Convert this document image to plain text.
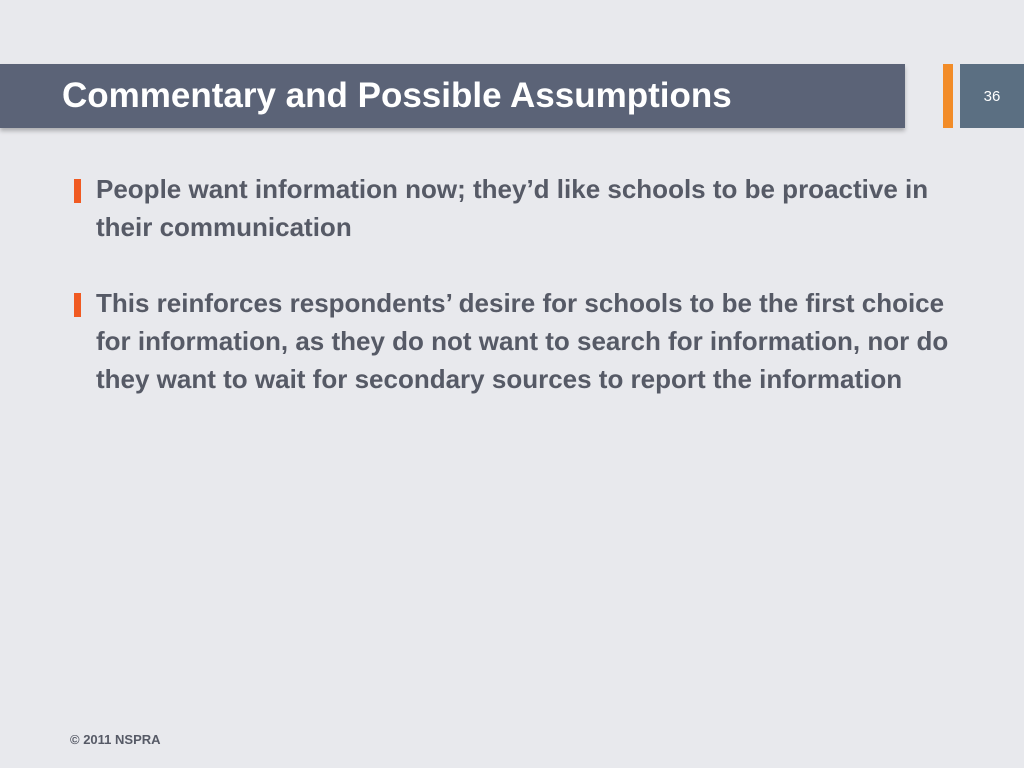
Commentary and Possible Assumptions	36
People want information now; they’d like schools to be proactive in their communication
This reinforces respondents’ desire for schools to be the first choice for information, as they do not want to search for information, nor do they want to wait for secondary sources to report the information
© 2011 NSPRA
